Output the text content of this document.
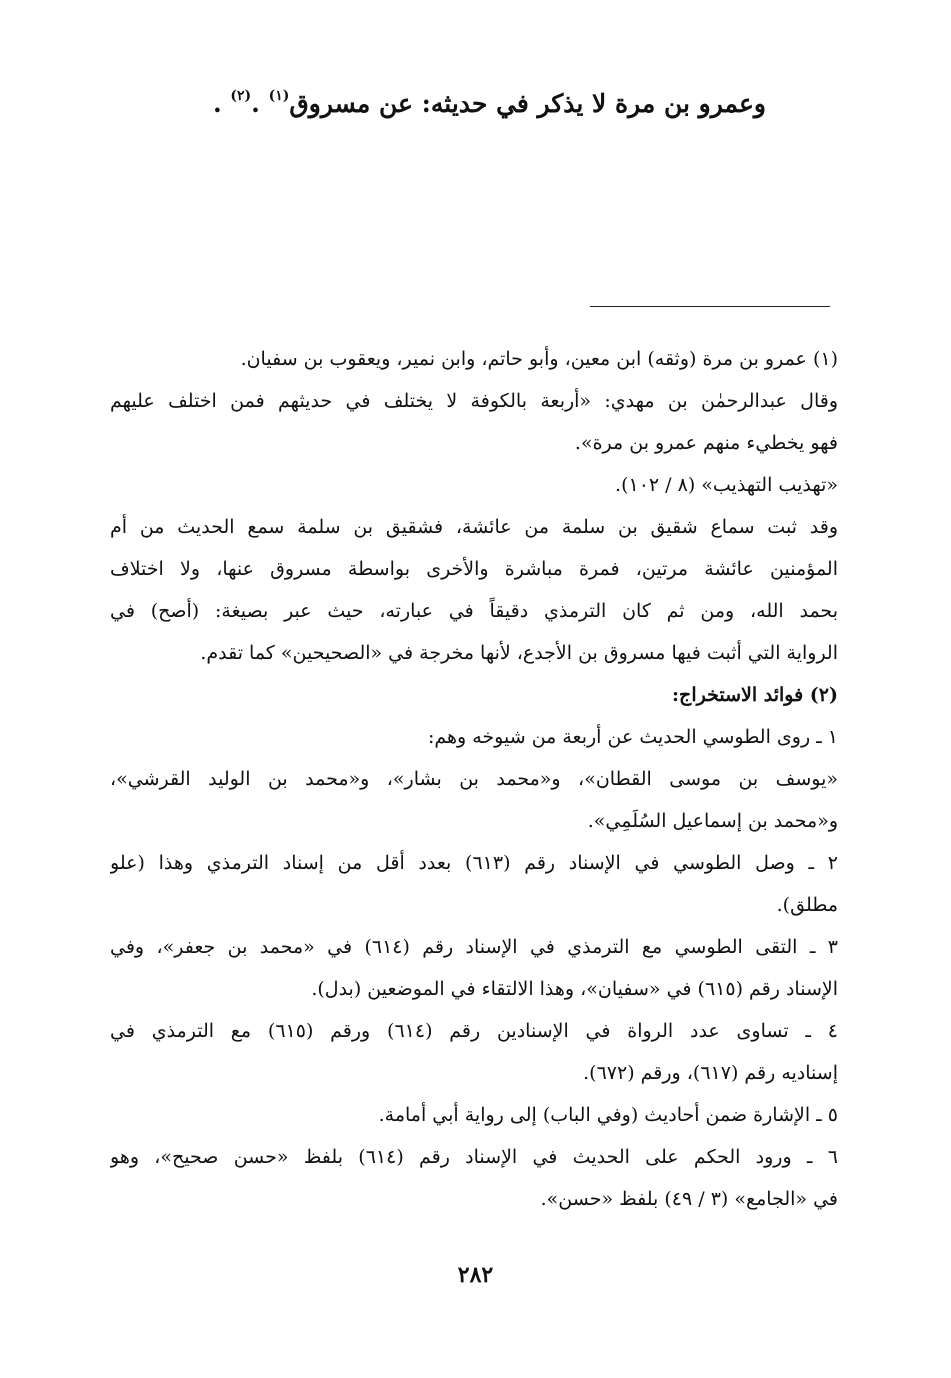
وعمرو بن مرة لا يذكر في حديثه: عن مسروق$^{(١)}$ .$^{(٢)}$ .
(١) عمرو بن مرة (وثقه) ابن معين، وأبو حاتم، وابن نمير، ويعقوب بن سفيان.
وقال عبدالرحمٰن بن مهدي: «أربعة بالكوفة لا يختلف في حديثهم فمن اختلف عليهم
فهو يخطيء منهم عمرو بن مرة».
«تهذيب التهذيب» (٨ / ١٠٢).
وقد ثبت سماع شقيق بن سلمة من عائشة، فشقيق بن سلمة سمع الحديث من أم
المؤمنين عائشة مرتين، فمرة مباشرة والأخرى بواسطة مسروق عنها، ولا اختلاف
بحمد الله، ومن ثم كان الترمذي دقيقاً في عبارته، حيث عبر بصيغة: (أصح) في
الرواية التي أثبت فيها مسروق بن الأجدع، لأنها مخرجة في «الصحيحين» كما تقدم.
(٢) فوائد الاستخراج:
١ ـ روى الطوسي الحديث عن أربعة من شيوخه وهم:
«يوسف بن موسى القطان»، و«محمد بن بشار»، و«محمد بن الوليد القرشي»،
و«محمد بن إسماعيل السُلَمِي».
٢ ـ وصل الطوسي في الإسناد رقم (٦١٣) بعدد أقل من إسناد الترمذي وهذا (علو
مطلق).
٣ ـ التقى الطوسي مع الترمذي في الإسناد رقم (٦١٤) في «محمد بن جعفر»، وفي
الإسناد رقم (٦١٥) في «سفيان»، وهذا الالتقاء في الموضعين (بدل).
٤ ـ تساوى عدد الرواة في الإسنادين رقم (٦١٤) ورقم (٦١٥) مع الترمذي في
إسناديه رقم (٦١٧)، ورقم (٦٧٢).
٥ ـ الإشارة ضمن أحاديث (وفي الباب) إلى رواية أبي أمامة.
٦ ـ ورود الحكم على الحديث في الإسناد رقم (٦١٤) بلفظ «حسن صحيح»، وهو
في «الجامع» (٣ / ٤٩) بلفظ «حسن».
٢٨٢
